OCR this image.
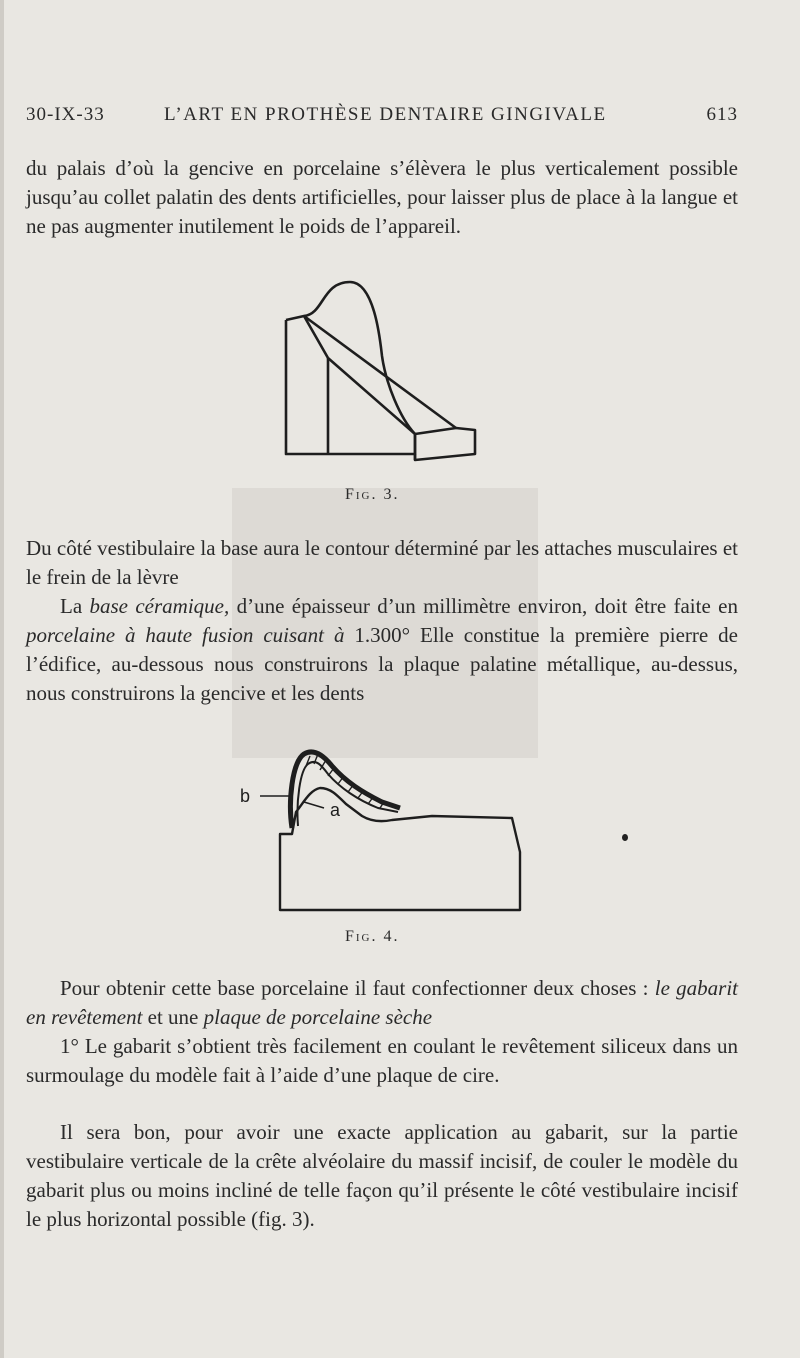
30-IX-33	L’ART EN PROTHÈSE DENTAIRE GINGIVALE	613

du palais d’où la gencive en porcelaine s’élèvera le plus verticalement possible jusqu’au collet palatin des dents artificielles, pour laisser plus de place à la langue et ne pas augmenter inutilement le poids de l’appareil.

Fig. 3.

Du côté vestibulaire la base aura le contour déterminé par les attaches musculaires et le frein de la lèvre

La base céramique, d’une épaisseur d’un millimètre environ, doit être faite en porcelaine à haute fusion cuisant à 1.300° Elle constitue la première pierre de l’édifice, au-dessous nous construirons la plaque palatine métallique, au-dessus, nous construirons la gencive et les dents

b
a
Fig. 4.

Pour obtenir cette base porcelaine il faut confectionner deux choses : le gabarit en revêtement et une plaque de porcelaine sèche

1° Le gabarit s’obtient très facilement en coulant le revêtement siliceux dans un surmoulage du modèle fait à l’aide d’une plaque de cire.

Il sera bon, pour avoir une exacte application au gabarit, sur la partie vestibulaire verticale de la crête alvéolaire du massif incisif, de couler le modèle du gabarit plus ou moins incliné de telle façon qu’il présente le côté vestibulaire incisif le plus horizontal possible (fig. 3).
